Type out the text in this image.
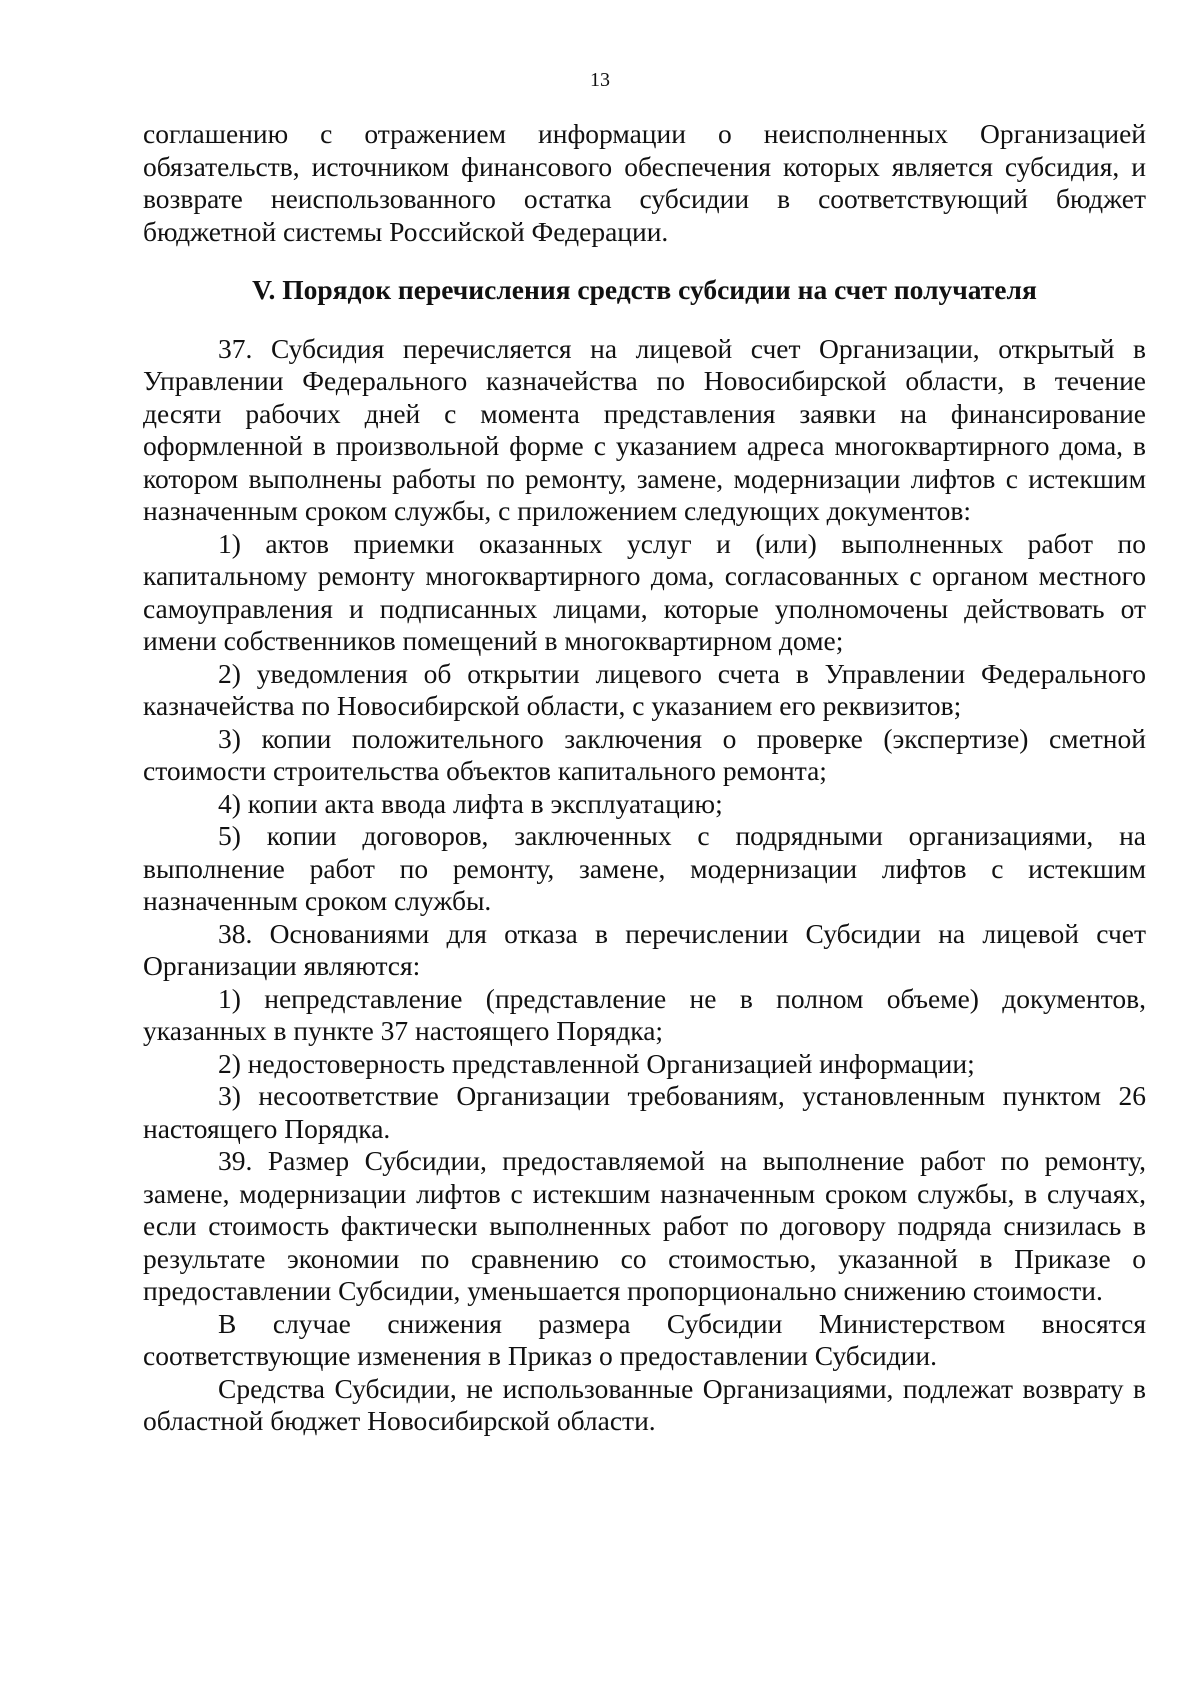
13

соглашению с отражением информации о неисполненных Организацией обязательств, источником финансового обеспечения которых является субсидия, и возврате неиспользованного остатка субсидии в соответствующий бюджет бюджетной системы Российской Федерации.

V. Порядок перечисления средств субсидии на счет получателя

37. Субсидия перечисляется на лицевой счет Организации, открытый в Управлении Федерального казначейства по Новосибирской области, в течение десяти рабочих дней с момента представления заявки на финансирование оформленной в произвольной форме с указанием адреса многоквартирного дома, в котором выполнены работы по ремонту, замене, модернизации лифтов с истекшим назначенным сроком службы, с приложением следующих документов:

1) актов приемки оказанных услуг и (или) выполненных работ по капитальному ремонту многоквартирного дома, согласованных с органом местного самоуправления и подписанных лицами, которые уполномочены действовать от имени собственников помещений в многоквартирном доме;

2) уведомления об открытии лицевого счета в Управлении Федерального казначейства по Новосибирской области, с указанием его реквизитов;

3) копии положительного заключения о проверке (экспертизе) сметной стоимости строительства объектов капитального ремонта;

4) копии акта ввода лифта в эксплуатацию;

5) копии договоров, заключенных с подрядными организациями, на выполнение работ по ремонту, замене, модернизации лифтов с истекшим назначенным сроком службы.

38. Основаниями для отказа в перечислении Субсидии на лицевой счет Организации являются:

1) непредставление (представление не в полном объеме) документов, указанных в пункте 37 настоящего Порядка;

2) недостоверность представленной Организацией информации;

3) несоответствие Организации требованиям, установленным пунктом 26 настоящего Порядка.

39. Размер Субсидии, предоставляемой на выполнение работ по ремонту, замене, модернизации лифтов с истекшим назначенным сроком службы, в случаях, если стоимость фактически выполненных работ по договору подряда снизилась в результате экономии по сравнению со стоимостью, указанной в Приказе о предоставлении Субсидии, уменьшается пропорционально снижению стоимости.

В случае снижения размера Субсидии Министерством вносятся соответствующие изменения в Приказ о предоставлении Субсидии.

Средства Субсидии, не использованные Организациями, подлежат возврату в областной бюджет Новосибирской области.
